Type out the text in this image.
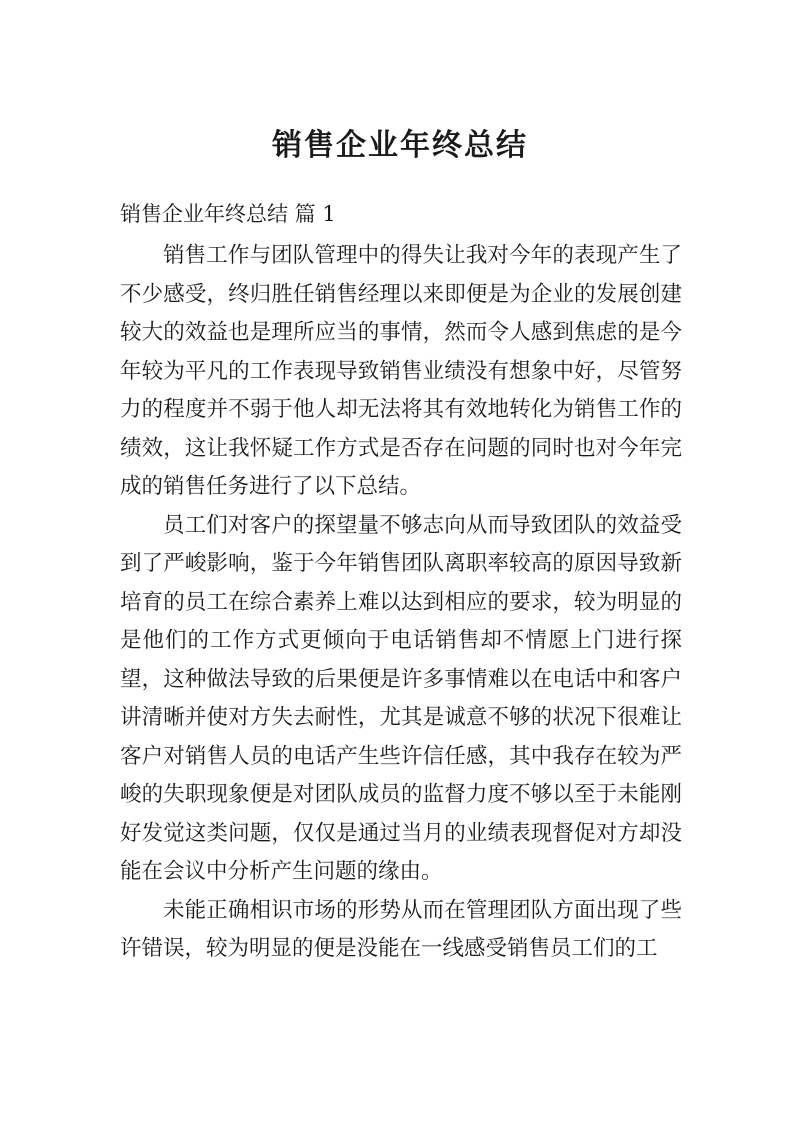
销售企业年终总结
销售企业年终总结 篇 1

销售工作与团队管理中的得失让我对今年的表现产生了不少感受，终归胜任销售经理以来即便是为企业的发展创建较大的效益也是理所应当的事情，然而令人感到焦虑的是今年较为平凡的工作表现导致销售业绩没有想象中好，尽管努力的程度并不弱于他人却无法将其有效地转化为销售工作的绩效，这让我怀疑工作方式是否存在问题的同时也对今年完成的销售任务进行了以下总结。

员工们对客户的探望量不够志向从而导致团队的效益受到了严峻影响，鉴于今年销售团队离职率较高的原因导致新培育的员工在综合素养上难以达到相应的要求，较为明显的是他们的工作方式更倾向于电话销售却不情愿上门进行探望，这种做法导致的后果便是许多事情难以在电话中和客户讲清晰并使对方失去耐性，尤其是诚意不够的状况下很难让客户对销售人员的电话产生些许信任感，其中我存在较为严峻的失职现象便是对团队成员的监督力度不够以至于未能刚好发觉这类问题，仅仅是通过当月的业绩表现督促对方却没能在会议中分析产生问题的缘由。

未能正确相识市场的形势从而在管理团队方面出现了些许错误，较为明显的便是没能在一线感受销售员工们的工
